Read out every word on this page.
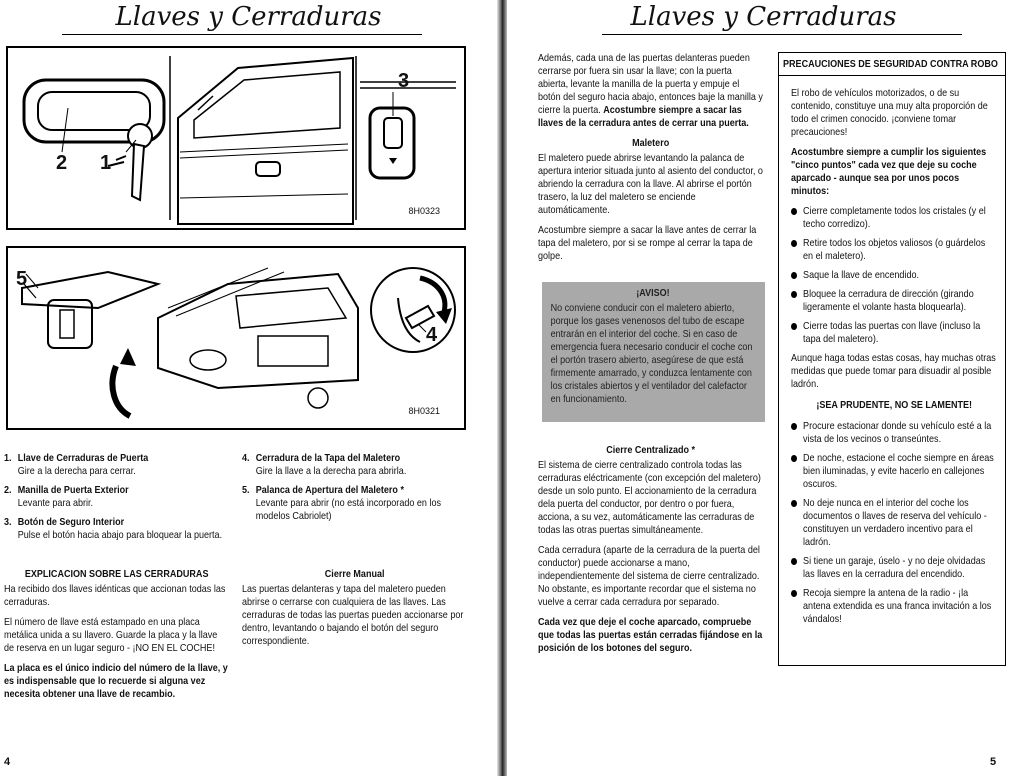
Llaves y Cerraduras
2 1
3
8H0323
5
4
8H0321
1. Llave de Cerraduras de Puerta
Gire a la derecha para cerrar.
2. Manilla de Puerta Exterior
Levante para abrir.
3. Botón de Seguro Interior
Pulse el botón hacia abajo para bloquear la puerta.
4. Cerradura de la Tapa del Maletero
Gire la llave a la derecha para abrirla.
5. Palanca de Apertura del Maletero *
Levante para abrir (no está incorporado en los modelos Cabriolet)
EXPLICACION SOBRE LAS CERRADURAS

Ha recibido dos llaves idénticas que accionan todas las cerraduras.

El número de llave está estampado en una placa metálica unida a su llavero. Guarde la placa y la llave de reserva en un lugar seguro - ¡NO EN EL COCHE!

La placa es el único indicio del número de la llave, y es indispensable que lo recuerde si alguna vez necesita obtener una llave de recambio.

Cierre Manual

Las puertas delanteras y tapa del maletero pueden abrirse o cerrarse con cualquiera de las llaves. Las cerraduras de todas las puertas pueden accionarse por dentro, levantando o bajando el botón del seguro correspondiente.

4
Llaves y Cerraduras

Además, cada una de las puertas delanteras pueden cerrarse por fuera sin usar la llave; con la puerta abierta, levante la manilla de la puerta y empuje el botón del seguro hacia abajo, entonces baje la manilla y cierre la puerta. Acostumbre siempre a sacar las llaves de la cerradura antes de cerrar una puerta.

Maletero

El maletero puede abrirse levantando la palanca de apertura interior situada junto al asiento del conductor, o abriendo la cerradura con la llave. Al abrirse el portón trasero, la luz del maletero se enciende automáticamente.

Acostumbre siempre a sacar la llave antes de cerrar la tapa del maletero, por si se rompe al cerrar la tapa de golpe.

¡AVISO!
No conviene conducir con el maletero abierto, porque los gases venenosos del tubo de escape entrarán en el interior del coche. Si en caso de emergencia fuera necesario conducir el coche con el portón trasero abierto, asegúrese de que está firmemente amarrado, y conduzca lentamente con los cristales abiertos y el ventilador del calefactor en funcionamiento.
Cierre Centralizado *

El sistema de cierre centralizado controla todas las cerraduras eléctricamente (con excepción del maletero) desde un solo punto. El accionamiento de la cerradura dela puerta del conductor, por dentro o por fuera, acciona, a su vez, automáticamente las cerraduras de todas las otras puertas simultáneamente.

Cada cerradura (aparte de la cerradura de la puerta del conductor) puede accionarse a mano, independientemente del sistema de cierre centralizado. No obstante, es importante recordar que el sistema no vuelve a cerrar cada cerradura por separado.

Cada vez que deje el coche aparcado, compruebe que todas las puertas están cerradas fijándose en la posición de los botones del seguro.

PRECAUCIONES DE SEGURIDAD CONTRA ROBO

El robo de vehículos motorizados, o de su contenido, constituye una muy alta proporción de todo el crimen conocido. ¡conviene tomar precauciones!

Acostumbre siempre a cumplir los siguientes "cinco puntos" cada vez que deje su coche aparcado - aunque sea por unos pocos minutos:

Cierre completamente todos los cristales (y el techo corredizo).
Retire todos los objetos valiosos (o guárdelos en el maletero).
Saque la llave de encendido.
Bloquee la cerradura de dirección (girando ligeramente el volante hasta bloquearla).
Cierre todas las puertas con llave (incluso la tapa del maletero).

Aunque haga todas estas cosas, hay muchas otras medidas que puede tomar para disuadir al posible ladrón.

¡SEA PRUDENTE, NO SE LAMENTE!
Procure estacionar donde su vehículo esté a la vista de los vecinos o transeúntes.
De noche, estacione el coche siempre en áreas bien iluminadas, y evite hacerlo en callejones oscuros.
No deje nunca en el interior del coche los documentos o llaves de reserva del vehículo - constituyen un verdadero incentivo para el ladrón.
Si tiene un garaje, úselo - y no deje olvidadas las llaves en la cerradura del encendido.
Recoja siempre la antena de la radio - ¡la antena extendida es una franca invitación a los vándalos!
5
